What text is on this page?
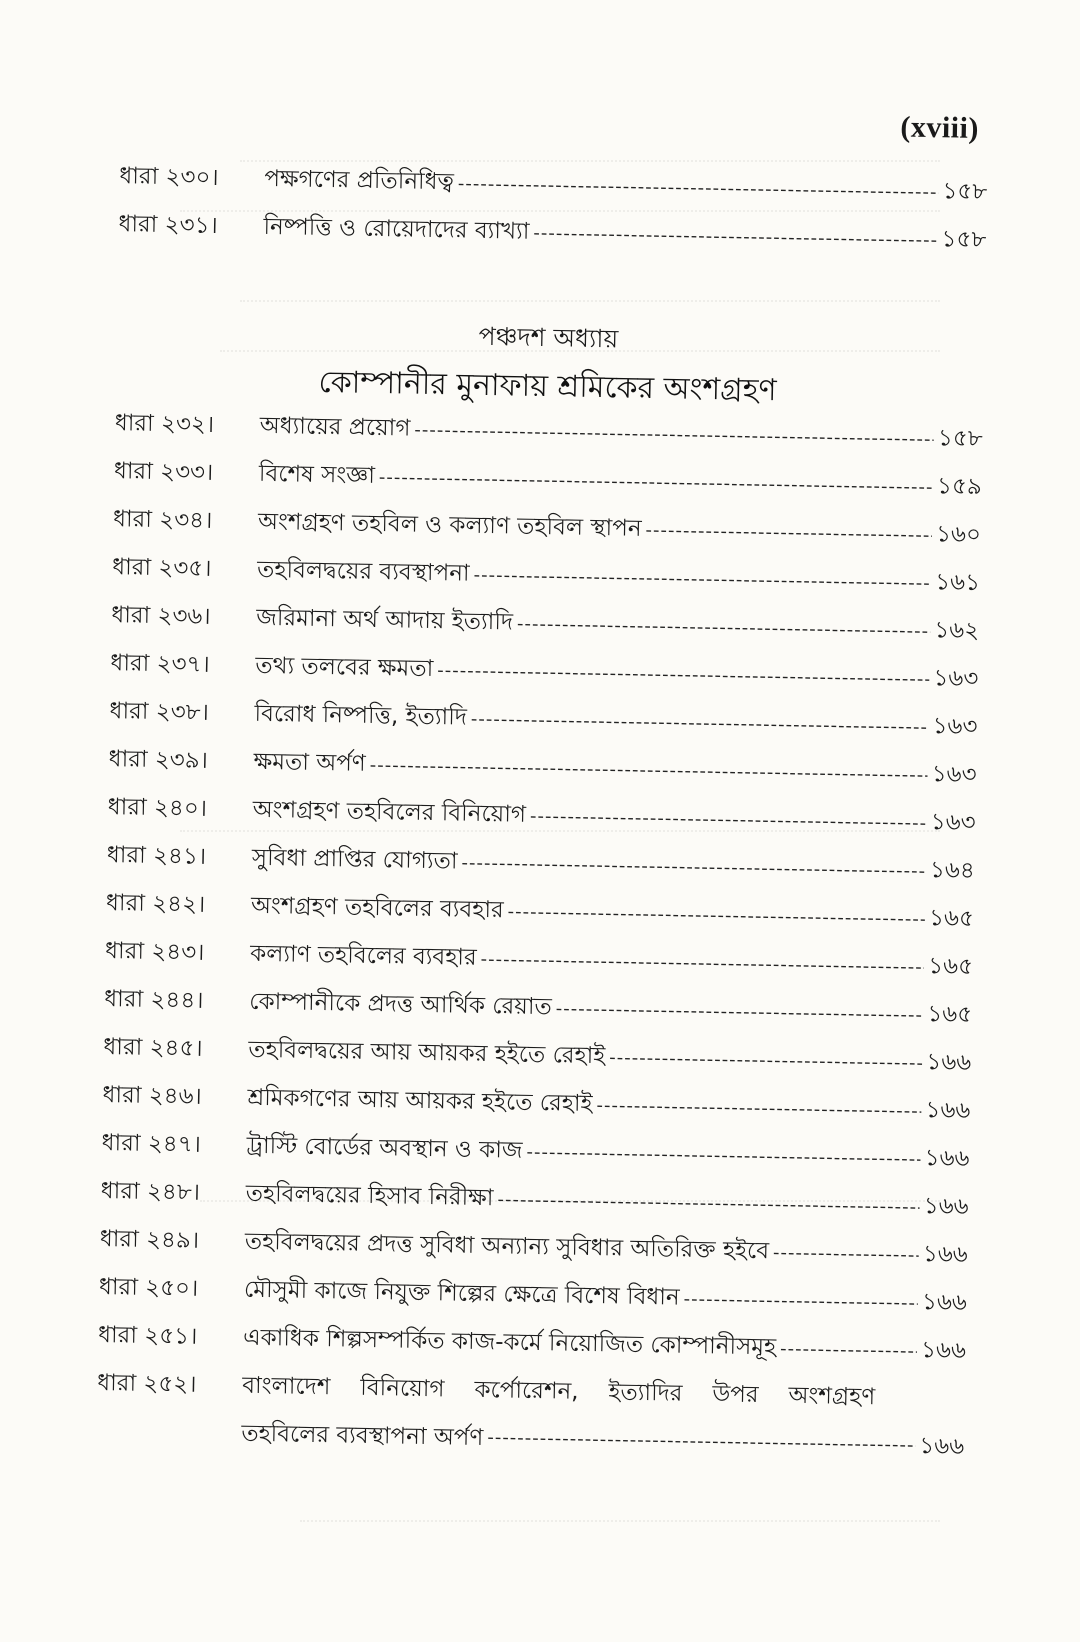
(xviii)
ধারা ২৩০।	পক্ষগণের প্রতিনিধিত্ব -----	১৫৮
ধারা ২৩১।	নিষ্পত্তি ও রোয়েদাদের ব্যাখ্যা -----	১৫৮
পঞ্চদশ অধ্যায়
কোম্পানীর মুনাফায় শ্রমিকের অংশগ্রহণ
ধারা ২৩২।	অধ্যায়ের প্রয়োগ -----	১৫৮
ধারা ২৩৩।	বিশেষ সংজ্ঞা -----	১৫৯
ধারা ২৩৪।	অংশগ্রহণ তহবিল ও কল্যাণ তহবিল স্থাপন -----	১৬০
ধারা ২৩৫।	তহবিলদ্বয়ের ব্যবস্থাপনা -----	১৬১
ধারা ২৩৬।	জরিমানা অর্থ আদায় ইত্যাদি -----	১৬২
ধারা ২৩৭।	তথ্য তলবের ক্ষমতা -----	১৬৩
ধারা ২৩৮।	বিরোধ নিষ্পত্তি, ইত্যাদি -----	১৬৩
ধারা ২৩৯।	ক্ষমতা অর্পণ -----	১৬৩
ধারা ২৪০।	অংশগ্রহণ তহবিলের বিনিয়োগ -----	১৬৩
ধারা ২৪১।	সুবিধা প্রাপ্তির যোগ্যতা -----	১৬৪
ধারা ২৪২।	অংশগ্রহণ তহবিলের ব্যবহার -----	১৬৫
ধারা ২৪৩।	কল্যাণ তহবিলের ব্যবহার -----	১৬৫
ধারা ২৪৪।	কোম্পানীকে প্রদত্ত আর্থিক রেয়াত -----	১৬৫
ধারা ২৪৫।	তহবিলদ্বয়ের আয় আয়কর হইতে রেহাই -----	১৬৬
ধারা ২৪৬।	শ্রমিকগণের আয় আয়কর হইতে রেহাই -----	১৬৬
ধারা ২৪৭।	ট্রাস্টি বোর্ডের অবস্থান ও কাজ -----	১৬৬
ধারা ২৪৮।	তহবিলদ্বয়ের হিসাব নিরীক্ষা -----	১৬৬
ধারা ২৪৯।	তহবিলদ্বয়ের প্রদত্ত সুবিধা অন্যান্য সুবিধার অতিরিক্ত হইবে -----	১৬৬
ধারা ২৫০।	মৌসুমী কাজে নিযুক্ত শিল্পের ক্ষেত্রে বিশেষ বিধান -----	১৬৬
ধারা ২৫১।	একাধিক শিল্পসম্পর্কিত কাজ-কর্মে নিয়োজিত কোম্পানীসমূহ -----	১৬৬
ধারা ২৫২।	বাংলাদেশ বিনিয়োগ কর্পোরেশন, ইত্যাদির উপর অংশগ্রহণ
তহবিলের ব্যবস্থাপনা অর্পণ -----	১৬৬
